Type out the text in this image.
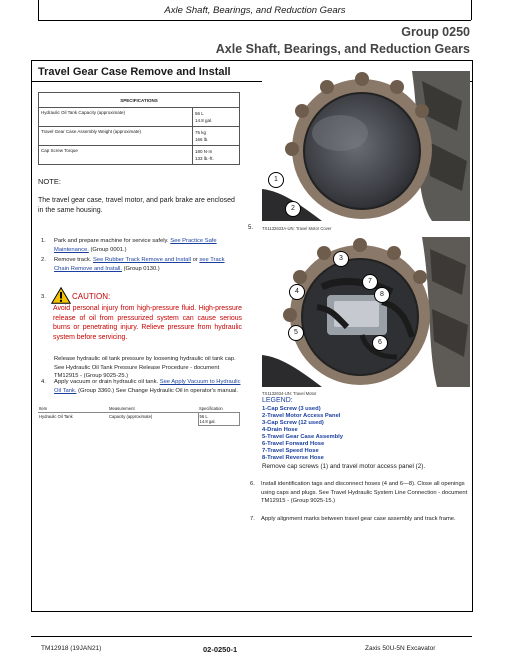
Axle Shaft, Bearings, and Reduction Gears
Group 0250
Axle Shaft, Bearings, and Reduction Gears
Travel Gear Case Remove and Install
SPECIFICATIONS	
Hydraulic Oil Tank Capacity (approximate)	56 L
14.8 gal.

Travel Gear Case Assembly Weight (approximate)	75 kg
166 lb.

Cap Screw Torque	180 N·m
133 lb.-ft.
NOTE:
The travel gear case, travel motor, and park brake are enclosed in the same housing.
1.	Park and prepare machine for service safely. See Practice Safe Maintenance. (Group 0001.)
2.	Remove track. See Rubber Track Remove and Install or see Track Chain Remove and Install. (Group 0130.)
3.	CAUTION:
Avoid personal injury from high-pressure fluid. High-pressure release of oil from pressurized system can cause serious burns or penetrating injury. Relieve pressure from hydraulic system before servicing.
Release hydraulic oil tank pressure by loosening hydraulic oil tank cap. See Hydraulic Oil Tank Pressure Release Procedure - document TM12915 - (Group 9025-25.)
4.	Apply vacuum or drain hydraulic oil tank. See Apply Vacuum to Hydraulic Oil Tank. (Group 3360.) See Change Hydraulic Oil in operator's manual.
Item	Measurement	Specification
Hydraulic Oil Tank	Capacity (approximate)	56 L
14.8 gal.
1
2
5. TX1132633A-UN: Travel Motor Cover
3
4
5
6
7
8
TX1132634-UN: Travel Motor
LEGEND:
1-Cap Screw (3 used)
2-Travel Motor Access Panel
3-Cap Screw (12 used)
4-Drain Hose
5-Travel Gear Case Assembly
6-Travel Forward Hose
7-Travel Speed Hose
8-Travel Reverse Hose
Remove cap screws (1) and travel motor access panel (2).
6. Install identification tags and disconnect hoses (4 and 6—8). Close all openings using caps and plugs. See Travel Hydraulic System Line Connection - document TM12915 - (Group 9025-15.)
7. Apply alignment marks between travel gear case assembly and track frame.
TM12918 (19JAN21)	02-0250-1	Zaxis 50U-5N Excavator
